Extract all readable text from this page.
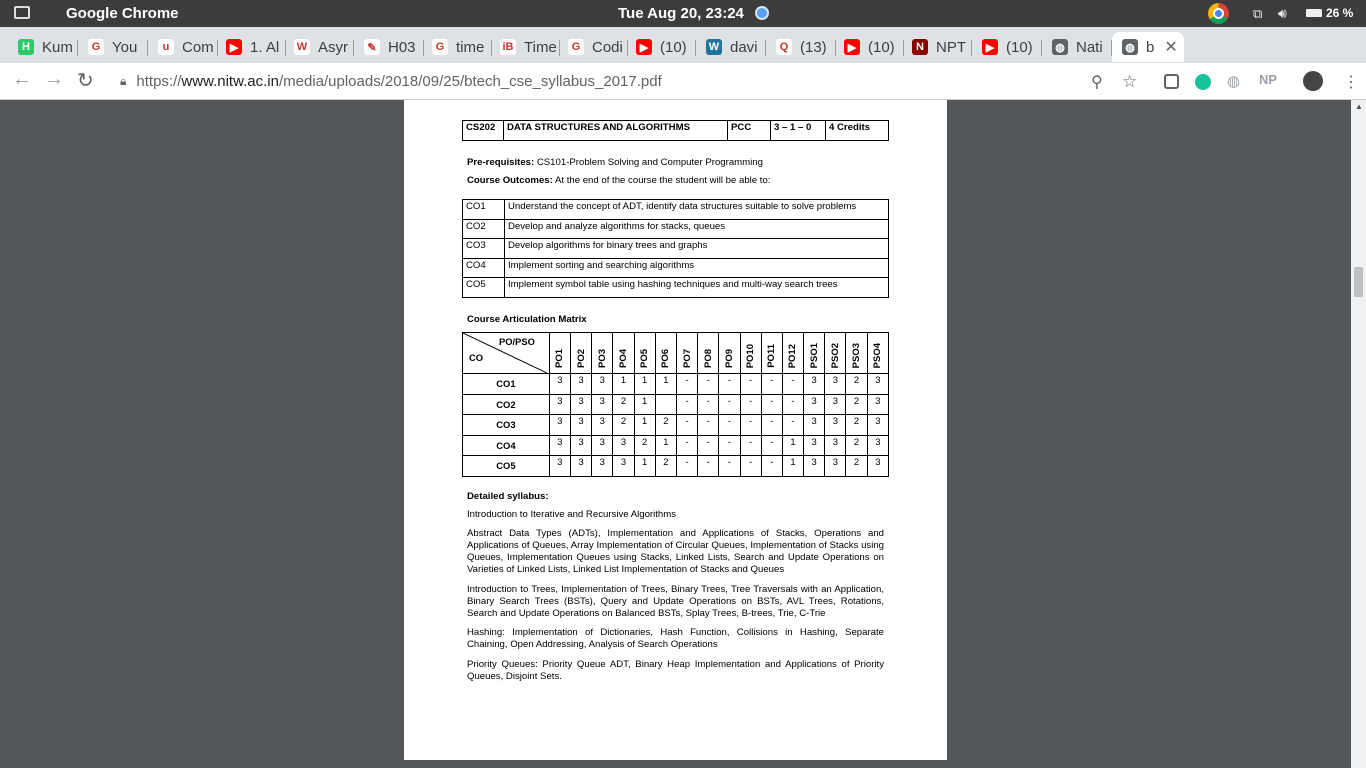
Google Chrome	Tue Aug 20, 23:24	⧉ 🔊︎	26 %
H Kum	G You	u Com	▶ 1. Al W Asyr	✎ H03	G time iB Time	G Codi	▶ (10) W davi	Q (13)	▶ (10)	N NPT	▶ (10) ◍ Nati ◍ b ✕
← → ↻ 🔒︎ https://www.nitw.ac.in/media/uploads/2018/09/25/btech_cse_syllabus_2017.pdf	⚲ ☆	◍ NP	⋮
▲
CS202	DATA STRUCTURES AND ALGORITHMS	PCC	3 – 1 – 0	4 Credits
Pre-requisites: CS101-Problem Solving and Computer Programming
Course Outcomes: At the end of the course the student will be able to:
CO1	Understand the concept of ADT, identify data structures suitable to solve problems
CO2	Develop and analyze algorithms for stacks, queues
CO3	Develop algorithms for binary trees and graphs
CO4	Implement sorting and searching algorithms
CO5	Implement symbol table using hashing techniques and multi-way search trees
Course Articulation Matrix
PO/PSO
CO	PO1	PO2	PO3	PO4	PO5	PO6	PO7	PO8	PO9	PO10	PO11	PO12	PSO1	PSO2	PSO3	PSO4
CO1	3	3	3	1	1	1	-	-	-	-	-	-	3	3	2	3
CO2	3	3	3	2	1		-	-	-	-	-	-	3	3	2	3
CO3	3	3	3	2	1	2	-	-	-	-	-	-	3	3	2	3
CO4	3	3	3	3	2	1	-	-	-	-	-	1	3	3	2	3
CO5	3	3	3	3	1	2	-	-	-	-	-	1	3	3	2	3
Detailed syllabus:
Introduction to Iterative and Recursive Algorithms
Abstract Data Types (ADTs), Implementation and Applications of Stacks, Operations and Applications of Queues, Array Implementation of Circular Queues, Implementation of Stacks using Queues, Implementation Queues using Stacks, Linked Lists, Search and Update Operations on Varieties of Linked Lists, Linked List Implementation of Stacks and Queues
Introduction to Trees, Implementation of Trees, Binary Trees, Tree Traversals with an Application, Binary Search Trees (BSTs), Query and Update Operations on BSTs, AVL Trees, Rotations, Search and Update Operations on Balanced BSTs, Splay Trees, B-trees, Trie, C-Trie
Hashing: Implementation of Dictionaries, Hash Function, Collisions in Hashing, Separate Chaining, Open Addressing, Analysis of Search Operations
Priority Queues: Priority Queue ADT, Binary Heap Implementation and Applications of Priority Queues, Disjoint Sets.
